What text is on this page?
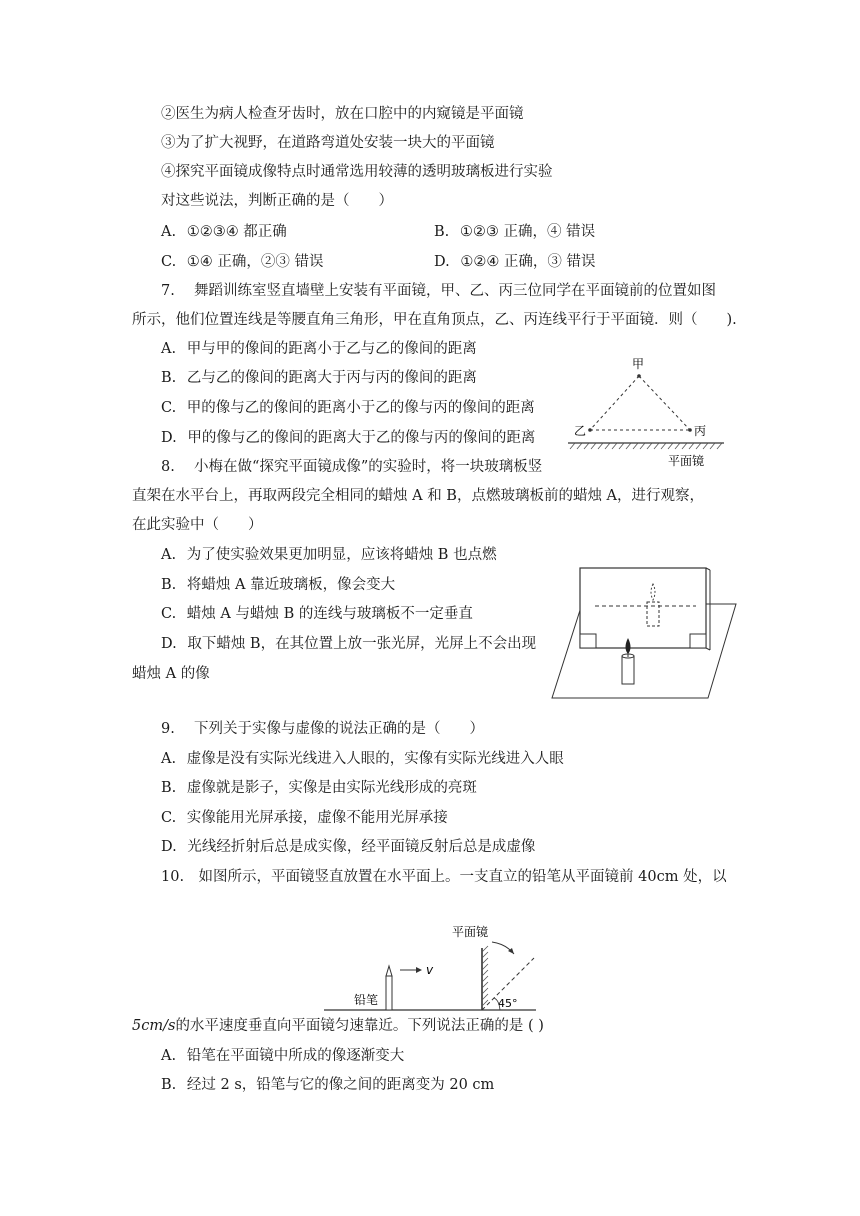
②医生为病人检查牙齿时，放在口腔中的内窥镜是平面镜
③为了扩大视野，在道路弯道处安装一块大的平面镜
④探究平面镜成像特点时通常选用较薄的透明玻璃板进行实验
对这些说法，判断正确的是（　　）
A. ①②③④ 都正确	B. ①②③ 正确，④ 错误
C. ①④ 正确，②③ 错误	D. ①②④ 正确，③ 错误
7.　 舞蹈训练室竖直墙壁上安装有平面镜，甲、乙、丙三位同学在平面镜前的位置如图
所示，他们位置连线是等腰直角三角形，甲在直角顶点，乙、丙连线平行于平面镜．则（　　).
A. 甲与甲的像间的距离小于乙与乙的像间的距离
B. 乙与乙的像间的距离大于丙与丙的像间的距离
C. 甲的像与乙的像间的距离小于乙的像与丙的像间的距离
D. 甲的像与乙的像间的距离大于乙的像与丙的像间的距离
甲
乙	丙
平面镜
8.　 小梅在做“探究平面镜成像”的实验时，将一块玻璃板竖
直架在水平台上，再取两段完全相同的蜡烛 A 和 B，点燃玻璃板前的蜡烛 A，进行观察，
在此实验中（　　）
A. 为了使实验效果更加明显，应该将蜡烛 B 也点燃
B. 将蜡烛 A 靠近玻璃板，像会变大
C. 蜡烛 A 与蜡烛 B 的连线与玻璃板不一定垂直
D. 取下蜡烛 B，在其位置上放一张光屏，光屏上不会出现
蜡烛 A 的像
9.　 下列关于实像与虚像的说法正确的是（　　）
A. 虚像是没有实际光线进入人眼的，实像有实际光线进入人眼
B. 虚像就是影子，实像是由实际光线形成的亮斑
C. 实像能用光屏承接，虚像不能用光屏承接
D. 光线经折射后总是成实像，经平面镜反射后总是成虚像
10.　如图所示，平面镜竖直放置在水平面上。一支直立的铅笔从平面镜前 40cm 处，以
平面镜
45°
铅笔
v
5cm/s的水平速度垂直向平面镜匀速靠近。下列说法正确的是 ( )
A. 铅笔在平面镜中所成的像逐渐变大
B. 经过 2 s，铅笔与它的像之间的距离变为 20 cm
